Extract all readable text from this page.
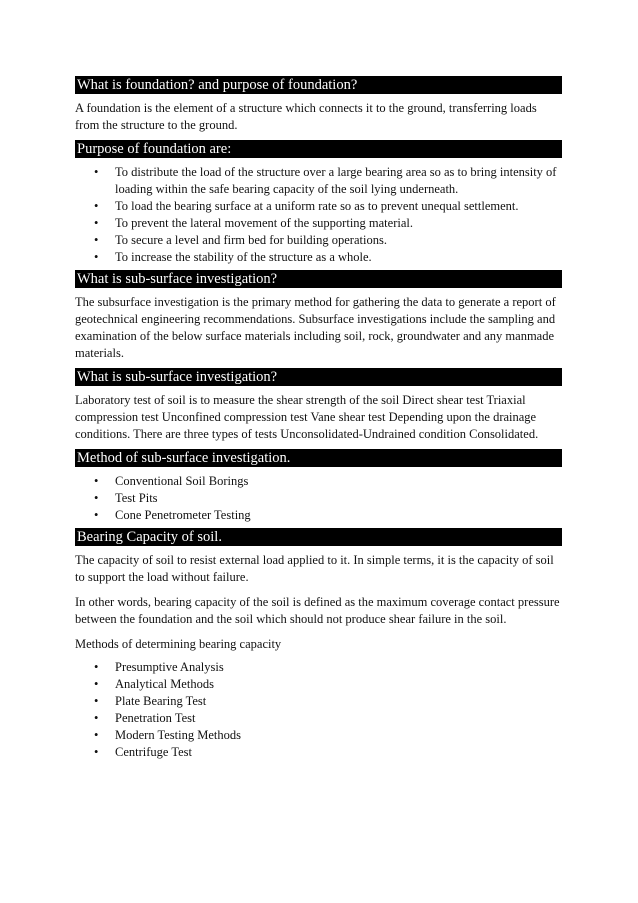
What is foundation? and purpose of foundation?

A foundation is the element of a structure which connects it to the ground, transferring loads from the structure to the ground.

Purpose of foundation are:
• To distribute the load of the structure over a large bearing area so as to bring intensity of loading within the safe bearing capacity of the soil lying underneath.
• To load the bearing surface at a uniform rate so as to prevent unequal settlement.
• To prevent the lateral movement of the supporting material.
• To secure a level and firm bed for building operations.
• To increase the stability of the structure as a whole.
What is sub-surface investigation?

The subsurface investigation is the primary method for gathering the data to generate a report of geotechnical engineering recommendations. Subsurface investigations include the sampling and examination of the below surface materials including soil, rock, groundwater and any manmade materials.

What is sub-surface investigation?

Laboratory test of soil is to measure the shear strength of the soil Direct shear test Triaxial compression test Unconfined compression test Vane shear test Depending upon the drainage conditions. There are three types of tests Unconsolidated-Undrained condition Consolidated.

Method of sub-surface investigation.
• Conventional Soil Borings
• Test Pits
• Cone Penetrometer Testing
Bearing Capacity of soil.

The capacity of soil to resist external load applied to it. In simple terms, it is the capacity of soil to support the load without failure.

In other words, bearing capacity of the soil is defined as the maximum coverage contact pressure between the foundation and the soil which should not produce shear failure in the soil.

Methods of determining bearing capacity

• Presumptive Analysis
• Analytical Methods
• Plate Bearing Test
• Penetration Test
• Modern Testing Methods
• Centrifuge Test
